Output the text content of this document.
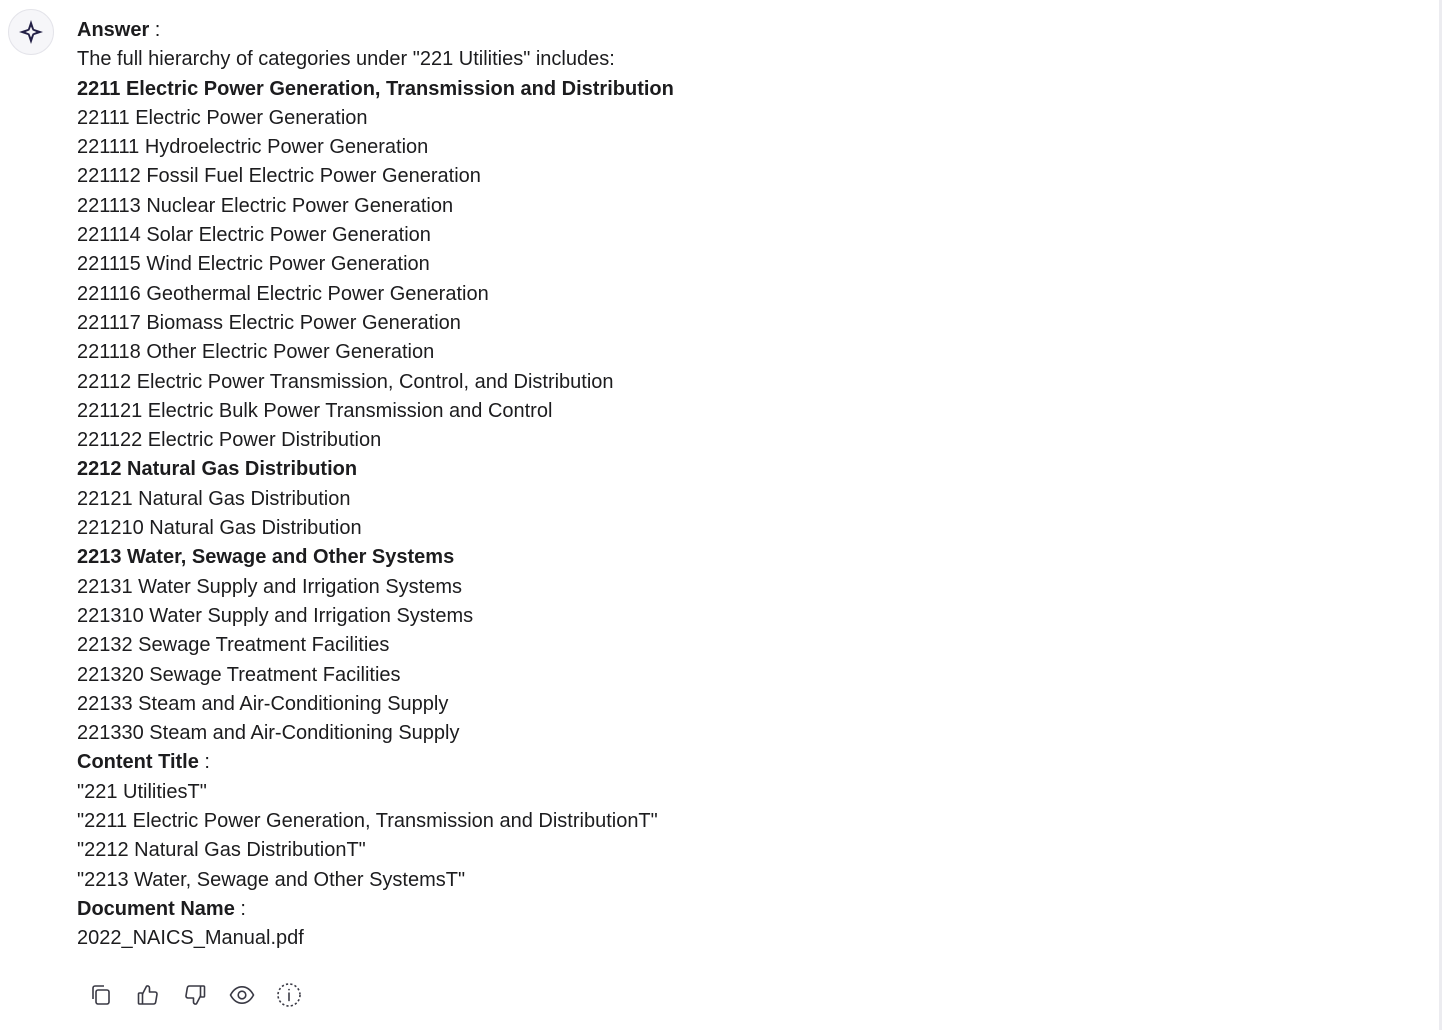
Answer :
The full hierarchy of categories under "221 Utilities" includes:
2211 Electric Power Generation, Transmission and Distribution
22111 Electric Power Generation
221111 Hydroelectric Power Generation
221112 Fossil Fuel Electric Power Generation
221113 Nuclear Electric Power Generation
221114 Solar Electric Power Generation
221115 Wind Electric Power Generation
221116 Geothermal Electric Power Generation
221117 Biomass Electric Power Generation
221118 Other Electric Power Generation
22112 Electric Power Transmission, Control, and Distribution
221121 Electric Bulk Power Transmission and Control
221122 Electric Power Distribution
2212 Natural Gas Distribution
22121 Natural Gas Distribution
221210 Natural Gas Distribution
2213 Water, Sewage and Other Systems
22131 Water Supply and Irrigation Systems
221310 Water Supply and Irrigation Systems
22132 Sewage Treatment Facilities
221320 Sewage Treatment Facilities
22133 Steam and Air-Conditioning Supply
221330 Steam and Air-Conditioning Supply
Content Title :
"221 UtilitiesT"
"2211 Electric Power Generation, Transmission and DistributionT"
"2212 Natural Gas DistributionT"
"2213 Water, Sewage and Other SystemsT"
Document Name :
2022_NAICS_Manual.pdf
